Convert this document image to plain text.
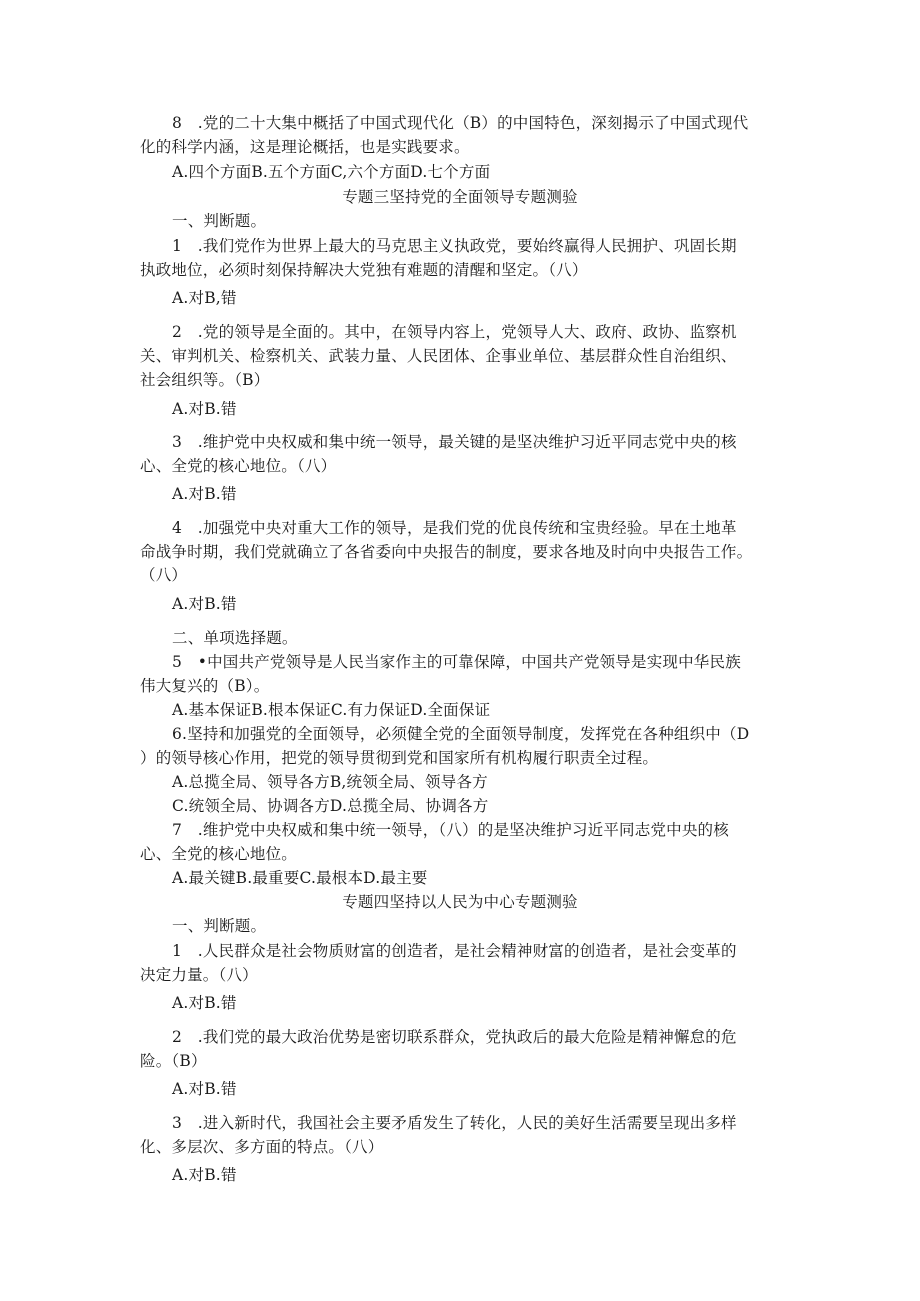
8　.党的二十大集中概括了中国式现代化（B）的中国特色，深刻揭示了中国式现代
化的科学内涵，这是理论概括，也是实践要求。
A.四个方面B.五个方面C,六个方面D.七个方面
专题三坚持党的全面领导专题测验
一、判断题。
1　.我们党作为世界上最大的马克思主义执政党，要始终赢得人民拥护、巩固长期
执政地位，必须时刻保持解决大党独有难题的清醒和坚定。（八）
A.对B,错
2　.党的领导是全面的。其中，在领导内容上，党领导人大、政府、政协、监察机
关、审判机关、检察机关、武装力量、人民团体、企事业单位、基层群众性自治组织、
社会组织等。（B）
A.对B.错
3　.维护党中央权威和集中统一领导，最关键的是坚决维护习近平同志党中央的核
心、全党的核心地位。（八）
A.对B.错
4　.加强党中央对重大工作的领导，是我们党的优良传统和宝贵经验。早在土地革
命战争时期，我们党就确立了各省委向中央报告的制度，要求各地及时向中央报告工作。
（八）
A.对B.错
二、单项选择题。
5　•中国共产党领导是人民当家作主的可靠保障，中国共产党领导是实现中华民族
伟大复兴的（B）。
A.基本保证B.根本保证C.有力保证D.全面保证
6.坚持和加强党的全面领导，必须健全党的全面领导制度，发挥党在各种组织中（D
）的领导核心作用，把党的领导贯彻到党和国家所有机构履行职责全过程。
A.总揽全局、领导各方B,统领全局、领导各方
C.统领全局、协调各方D.总揽全局、协调各方
7　.维护党中央权威和集中统一领导，（八）的是坚决维护习近平同志党中央的核
心、全党的核心地位。
A.最关键B.最重要C.最根本D.最主要
专题四坚持以人民为中心专题测验
一、判断题。
1　.人民群众是社会物质财富的创造者，是社会精神财富的创造者，是社会变革的
决定力量。（八）
A.对B.错
2　.我们党的最大政治优势是密切联系群众，党执政后的最大危险是精神懈怠的危
险。（B）
A.对B.错
3　.进入新时代，我国社会主要矛盾发生了转化，人民的美好生活需要呈现出多样
化、多层次、多方面的特点。（八）
A.对B.错
